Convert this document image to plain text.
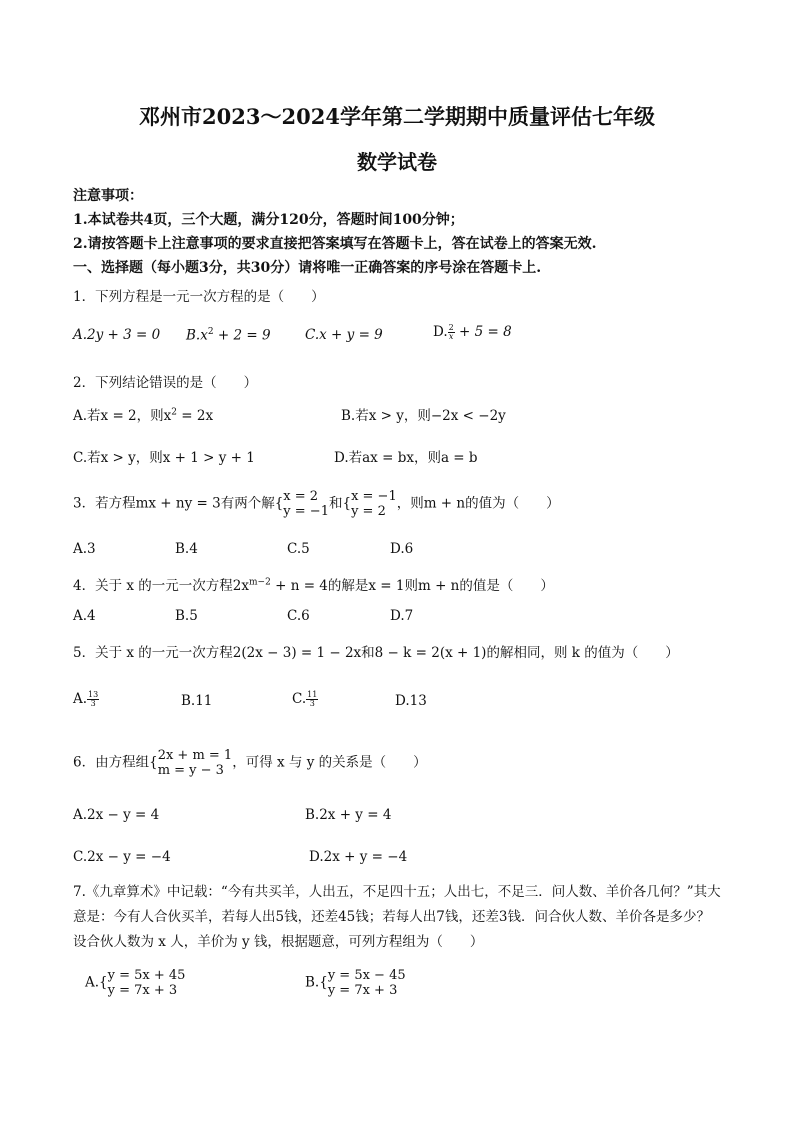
邓州市2023～2024学年第二学期期中质量评估七年级
数学试卷
注意事项：
1.本试卷共4页，三个大题，满分120分，答题时间100分钟；
2.请按答题卡上注意事项的要求直接把答案填写在答题卡上，答在试卷上的答案无效.
一、选择题（每小题3分，共30分）请将唯一正确答案的序号涂在答题卡上.
1．下列方程是一元一次方程的是（　　）
A.2y + 3 = 0 $B.x^2 + 2 = 9$	C.x + y = 9	D. $\frac{2}{x} + 5 = 8$
2．下列结论错误的是（　　）
A.若x = 2，则$x^2 = 2x$	B.若x > y，则−2x < −2y
C.若x > y，则x + 1 > y + 1	D.若ax = bx，则a = b
3．若方程mx + ny = 3有两个解{ x = 2
y = −1 和{ x = −1
y = 2 ，则m + n的值为（　　）
A.3	B.4	C.5	D.6
4．关于 x 的一元一次方程$2x^{m-2} + n = 4$的解是x = 1则m + n的值是（　　）
A.4	B.5	C.6	D.7
5．关于 x 的一元一次方程2(2x − 3) = 1 − 2x和8 − k = 2(x + 1)的解相同，则 k 的值为（　　）
A. $\frac{13}{3}$	B.11	C. $\frac{11}{3}$	D.13
6．由方程组{ 2x + m = 1
m = y − 3 ，可得 x 与 y 的关系是（　　）
A.2x − y = 4	B.2x + y = 4
C.2x − y = −4	D.2x + y = −4
7.《九章算术》中记载：“今有共买羊，人出五，不足四十五；人出七，不足三．问人数、羊价各几何？”其大意是：今有人合伙买羊，若每人出5钱，还差45钱；若每人出7钱，还差3钱．问合伙人数、羊价各是多少？设合伙人数为 x 人，羊价为 y 钱，根据题意，可列方程组为（　　）
A.{ y = 5x + 45
y = 7x + 3	B.{ y = 5x − 45
y = 7x + 3
